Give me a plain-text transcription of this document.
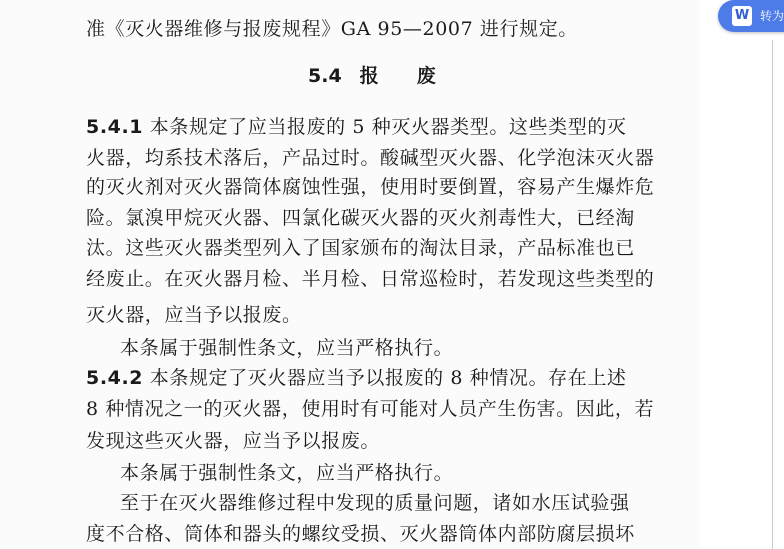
准《灭火器维修与报废规程》GA 95—2007 进行规定。
5.4 报 废
5.4.1 本条规定了应当报废的 5 种灭火器类型。这些类型的灭
火器，均系技术落后，产品过时。酸碱型灭火器、化学泡沫灭火器
的灭火剂对灭火器筒体腐蚀性强，使用时要倒置，容易产生爆炸危
险。氯溴甲烷灭火器、四氯化碳灭火器的灭火剂毒性大，已经淘
汰。这些灭火器类型列入了国家颁布的淘汰目录，产品标准也已
经废止。在灭火器月检、半月检、日常巡检时，若发现这些类型的
灭火器，应当予以报废。
本条属于强制性条文，应当严格执行。
5.4.2 本条规定了灭火器应当予以报废的 8 种情况。存在上述
8 种情况之一的灭火器，使用时有可能对人员产生伤害。因此，若
发现这些灭火器，应当予以报废。
本条属于强制性条文，应当严格执行。
至于在灭火器维修过程中发现的质量问题，诸如水压试验强
度不合格、筒体和器头的螺纹受损、灭火器筒体内部防腐层损坏
W 转为
